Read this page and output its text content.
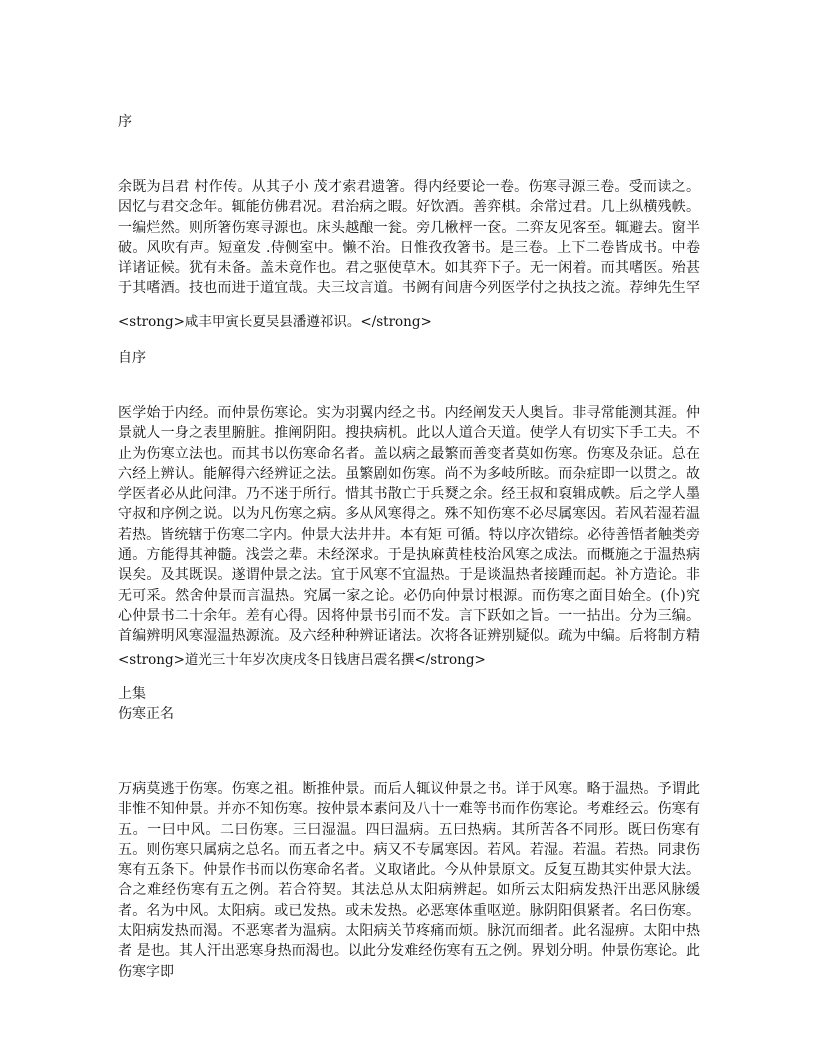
序

余既为吕君 村作传。从其子小 茂才索君遗箸。得内经要论一卷。伤寒寻源三卷。受而读之。因忆与君交念年。辄能仿佛君况。君治病之暇。好饮酒。善弈棋。余常过君。几上纵横残帙。一编烂然。则所箸伤寒寻源也。床头越酿一瓮。旁几楸枰一奁。二弈友见客至。辄避去。窗半破。风吹有声。短童发 .侍侧室中。懒不治。日惟孜孜箸书。是三卷。上下二卷皆成书。中卷详诸证候。犹有未备。盖未竟作也。君之驱使草木。如其弈下子。无一闲着。而其嗜医。殆甚于其嗜酒。技也而进于道宜哉。夫三坟言道。书阙有间唐今列医学付之执技之流。荐绅先生罕

<strong>咸丰甲寅长夏吴县潘遵祁识。</strong>
自序

医学始于内经。而仲景伤寒论。实为羽翼内经之书。内经阐发天人奥旨。非寻常能测其涯。仲景就人一身之表里腑脏。推阐阴阳。搜抉病机。此以人道合天道。使学人有切实下手工夫。不止为伤寒立法也。而其书以伤寒命名者。盖以病之最繁而善变者莫如伤寒。伤寒及杂证。总在六经上辨认。能解得六经辨证之法。虽繁剧如伤寒。尚不为多岐所眩。而杂症即一以贯之。故学医者必从此问津。乃不迷于所行。惜其书散亡于兵燹之余。经王叔和裒辑成帙。后之学人墨守叔和序例之说。以为凡伤寒之病。多从风寒得之。殊不知伤寒不必尽属寒因。若风若湿若温若热。皆统辖于伤寒二字内。仲景大法井井。本有矩 可循。特以序次错综。必待善悟者触类旁通。方能得其神髓。浅尝之辈。未经深求。于是执麻黄桂枝治风寒之成法。而概施之于温热病误矣。及其既误。遂谓仲景之法。宜于风寒不宜温热。于是谈温热者接踵而起。补方造论。非无可采。然舍仲景而言温热。究属一家之论。必仍向仲景讨根源。而伤寒之面目始全。(仆)究心仲景书二十余年。差有心得。因将仲景书引而不发。言下跃如之旨。一一拈出。分为三编。首编辨明风寒湿温热源流。及六经种种辨证诸法。次将各证辨别疑似。疏为中编。后将制方精

<strong>道光三十年岁次庚戌冬日钱唐吕震名撰</strong>
上集
伤寒正名

万病莫逃于伤寒。伤寒之祖。断推仲景。而后人辄议仲景之书。详于风寒。略于温热。予谓此非惟不知仲景。并亦不知伤寒。按仲景本素问及八十一难等书而作伤寒论。考难经云。伤寒有五。一曰中风。二曰伤寒。三曰湿温。四曰温病。五曰热病。其所苦各不同形。既曰伤寒有五。则伤寒只属病之总名。而五者之中。病又不专属寒因。若风。若湿。若温。若热。同隶伤寒有五条下。仲景作书而以伤寒命名者。义取诸此。今从仲景原文。反复互勘其实仲景大法。合之难经伤寒有五之例。若合符契。其法总从太阳病辨起。如所云太阳病发热汗出恶风脉缓者。名为中风。太阳病。或已发热。或未发热。必恶寒体重呕逆。脉阴阳俱紧者。名曰伤寒。太阳病发热而渴。不恶寒者为温病。太阳病关节疼痛而烦。脉沉而细者。此名湿痹。太阳中热者 是也。其人汗出恶寒身热而渴也。以此分发难经伤寒有五之例。界划分明。仲景伤寒论。此伤寒字即
